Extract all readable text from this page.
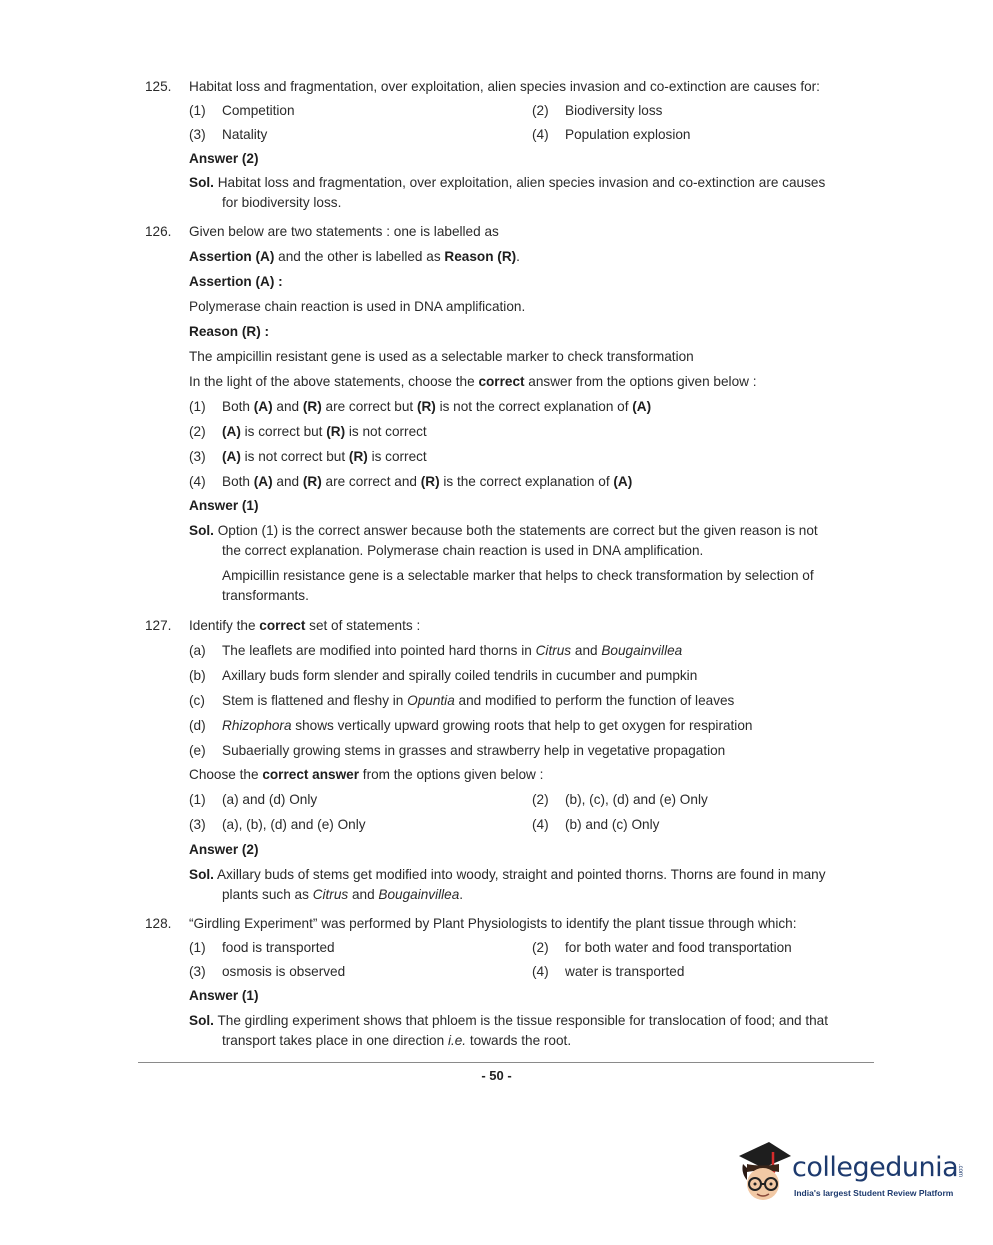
125. Habitat loss and fragmentation, over exploitation, alien species invasion and co-extinction are causes for:
(1) Competition	(2) Biodiversity loss
(3) Natality	(4) Population explosion
Answer (2)
Sol. Habitat loss and fragmentation, over exploitation, alien species invasion and co-extinction are causes
for biodiversity loss.
126. Given below are two statements : one is labelled as
Assertion (A) and the other is labelled as Reason (R).
Assertion (A) :
Polymerase chain reaction is used in DNA amplification.
Reason (R) :
The ampicillin resistant gene is used as a selectable marker to check transformation
In the light of the above statements, choose the correct answer from the options given below :
(1) Both (A) and (R) are correct but (R) is not the correct explanation of (A)
(2) (A) is correct but (R) is not correct
(3) (A) is not correct but (R) is correct
(4) Both (A) and (R) are correct and (R) is the correct explanation of (A)
Answer (1)
Sol. Option (1) is the correct answer because both the statements are correct but the given reason is not
the correct explanation. Polymerase chain reaction is used in DNA amplification.
Ampicillin resistance gene is a selectable marker that helps to check transformation by selection of
transformants.
127. Identify the correct set of statements :
(a) The leaflets are modified into pointed hard thorns in Citrus and Bougainvillea
(b) Axillary buds form slender and spirally coiled tendrils in cucumber and pumpkin
(c) Stem is flattened and fleshy in Opuntia and modified to perform the function of leaves
(d) Rhizophora shows vertically upward growing roots that help to get oxygen for respiration
(e) Subaerially growing stems in grasses and strawberry help in vegetative propagation
Choose the correct answer from the options given below :
(1) (a) and (d) Only	(2) (b), (c), (d) and (e) Only
(3) (a), (b), (d) and (e) Only	(4) (b) and (c) Only
Answer (2)
Sol. Axillary buds of stems get modified into woody, straight and pointed thorns. Thorns are found in many
plants such as Citrus and Bougainvillea.
128. “Girdling Experiment” was performed by Plant Physiologists to identify the plant tissue through which:
(1) food is transported	(2) for both water and food transportation
(3) osmosis is observed	(4) water is transported
Answer (1)
Sol. The girdling experiment shows that phloem is the tissue responsible for translocation of food; and that
transport takes place in one direction i.e. towards the root.
- 50 -
collegedunia
.com
India's largest Student Review Platform
